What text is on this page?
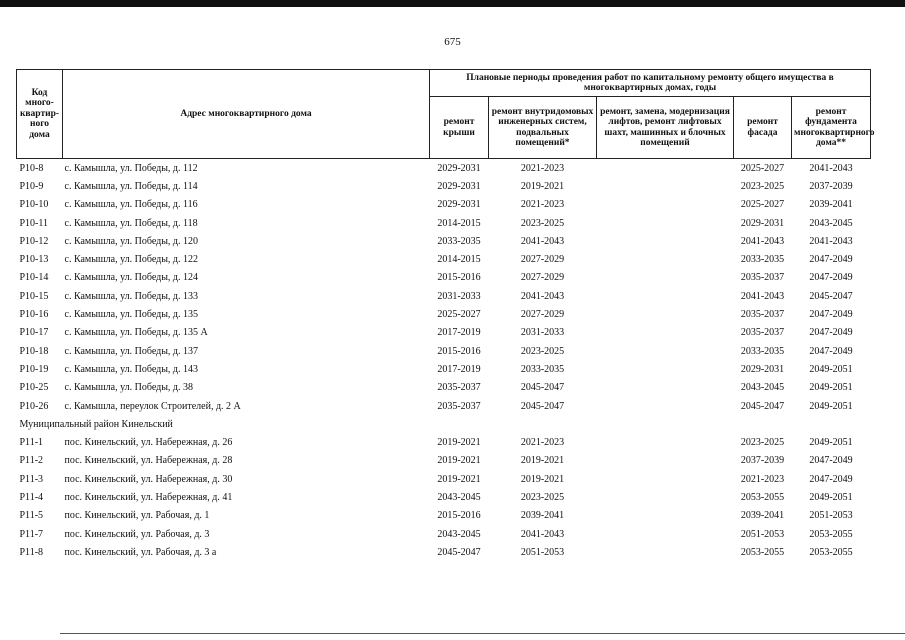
675
Код много-квартир-ного дома	Адрес многоквартирного дома	Плановые периоды проведения работ по капитальному ремонту общего имущества в многоквартирных домах, годы				
		ремонт крыши	ремонт внутридомовых инженерных систем, подвальных помещений*	ремонт, замена, модернизация лифтов, ремонт лифтовых шахт, машинных и блочных помещений	ремонт фасада	ремонт фундамента многоквартирного дома**
Р10-8	с. Камышла, ул. Победы, д. 112	2029-2031	2021-2023		2025-2027	2041-2043
Р10-9	с. Камышла, ул. Победы, д. 114	2029-2031	2019-2021		2023-2025	2037-2039
Р10-10	с. Камышла, ул. Победы, д. 116	2029-2031	2021-2023		2025-2027	2039-2041
Р10-11	с. Камышла, ул. Победы, д. 118	2014-2015	2023-2025		2029-2031	2043-2045
Р10-12	с. Камышла, ул. Победы, д. 120	2033-2035	2041-2043		2041-2043	2041-2043
Р10-13	с. Камышла, ул. Победы, д. 122	2014-2015	2027-2029		2033-2035	2047-2049
Р10-14	с. Камышла, ул. Победы, д. 124	2015-2016	2027-2029		2035-2037	2047-2049
Р10-15	с. Камышла, ул. Победы, д. 133	2031-2033	2041-2043		2041-2043	2045-2047
Р10-16	с. Камышла, ул. Победы, д. 135	2025-2027	2027-2029		2035-2037	2047-2049
Р10-17	с. Камышла, ул. Победы, д. 135 А	2017-2019	2031-2033		2035-2037	2047-2049
Р10-18	с. Камышла, ул. Победы, д. 137	2015-2016	2023-2025		2033-2035	2047-2049
Р10-19	с. Камышла, ул. Победы, д. 143	2017-2019	2033-2035		2029-2031	2049-2051
Р10-25	с. Камышла, ул. Победы, д. 38	2035-2037	2045-2047		2043-2045	2049-2051
Р10-26	с. Камышла, переулок Строителей, д. 2 А	2035-2037	2045-2047		2045-2047	2049-2051
Муниципальный район Кинельский						
Р11-1	пос. Кинельский, ул. Набережная, д. 26	2019-2021	2021-2023		2023-2025	2049-2051
Р11-2	пос. Кинельский, ул. Набережная, д. 28	2019-2021	2019-2021		2037-2039	2047-2049
Р11-3	пос. Кинельский, ул. Набережная, д. 30	2019-2021	2019-2021		2021-2023	2047-2049
Р11-4	пос. Кинельский, ул. Набережная, д. 41	2043-2045	2023-2025		2053-2055	2049-2051
Р11-5	пос. Кинельский, ул. Рабочая, д. 1	2015-2016	2039-2041		2039-2041	2051-2053
Р11-7	пос. Кинельский, ул. Рабочая, д. 3	2043-2045	2041-2043		2051-2053	2053-2055
Р11-8	пос. Кинельский, ул. Рабочая, д. 3 а	2045-2047	2051-2053		2053-2055	2053-2055
